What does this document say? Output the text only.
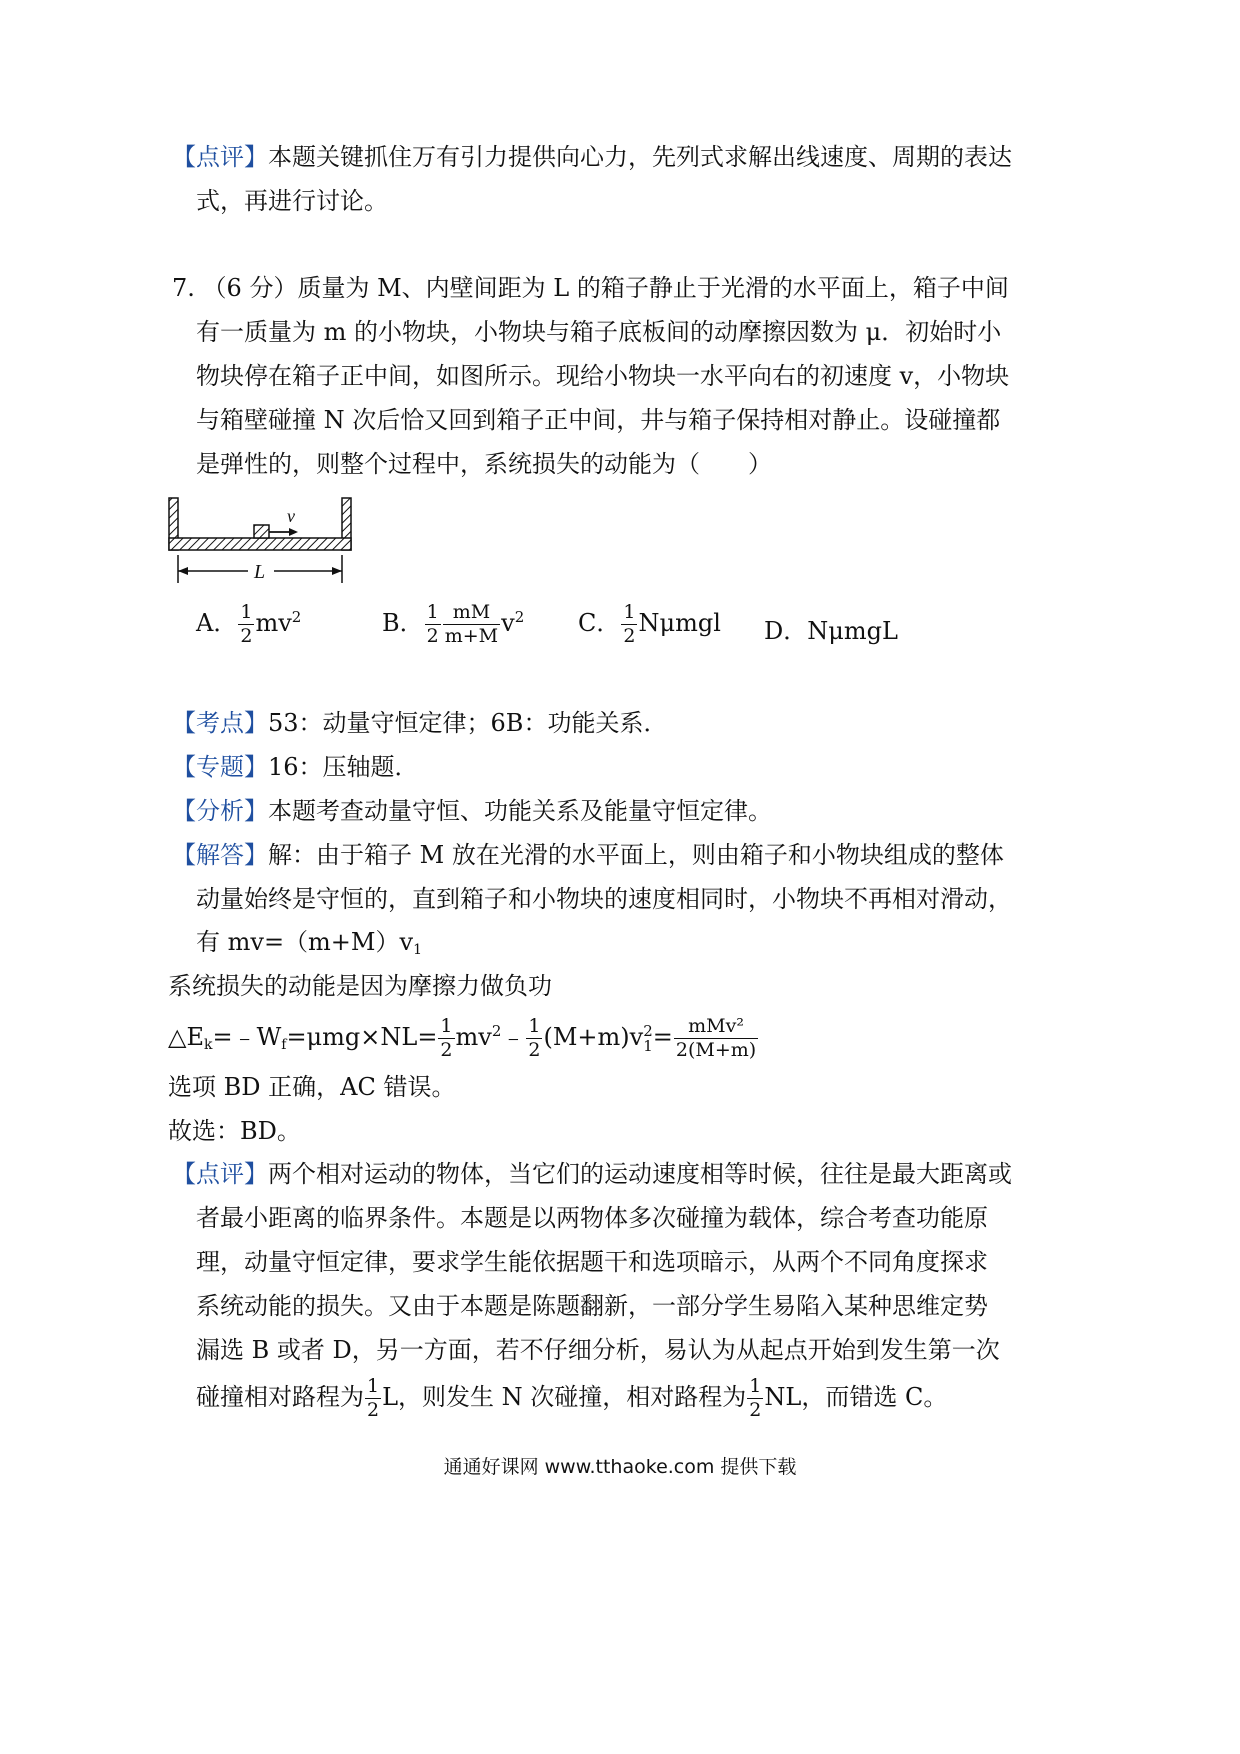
【点评】本题关键抓住万有引力提供向心力，先列式求解出线速度、周期的表达
式，再进行讨论。
7. （6 分）质量为 M、内壁间距为 L 的箱子静止于光滑的水平面上，箱子中间
有一质量为 m 的小物块，小物块与箱子底板间的动摩擦因数为 μ．初始时小
物块停在箱子正中间，如图所示。现给小物块一水平向右的初速度 v，小物块
与箱壁碰撞 N 次后恰又回到箱子正中间，井与箱子保持相对静止。设碰撞都
是弹性的，则整个过程中，系统损失的动能为（　　）
v
L
A． $\frac{1}{2} mv^2$	B． $\frac{1}{2} \frac{mM}{m+M} v^2$ C． $\frac{1}{2}$ Nμmgl D．NμmgL
【考点】53：动量守恒定律；6B：功能关系．
【专题】16：压轴题．
【分析】本题考查动量守恒、功能关系及能量守恒定律。
【解答】解：由于箱子 M 放在光滑的水平面上，则由箱子和小物块组成的整体
动量始终是守恒的，直到箱子和小物块的速度相同时，小物块不再相对滑动，
有 $mv=(m+M)v_1$
系统损失的动能是因为摩擦力做负功
$\triangle E_k=﹣W_f=\mu mg\times NL= \frac{1}{2}$ $mv^2﹣ \frac{1}{2} (M+m)v$ 2
$1 = \frac{\text{mMv²}}{2(M+m)}$
选项 BD 正确，AC 错误。
故选：BD。
【点评】两个相对运动的物体，当它们的运动速度相等时候，往往是最大距离或
者最小距离的临界条件。本题是以两物体多次碰撞为载体，综合考查功能原
理，动量守恒定律，要求学生能依据题干和选项暗示，从两个不同角度探求
系统动能的损失。又由于本题是陈题翻新，一部分学生易陷入某种思维定势
漏选 B 或者 D，另一方面，若不仔细分析，易认为从起点开始到发生第一次
碰撞相对路程为 $\frac{1}{2}$ L，则发生 N 次碰撞，相对路程为 $\frac{1}{2}$ NL，而错选 C。
通通好课网 www.tthaoke.com 提供下载
